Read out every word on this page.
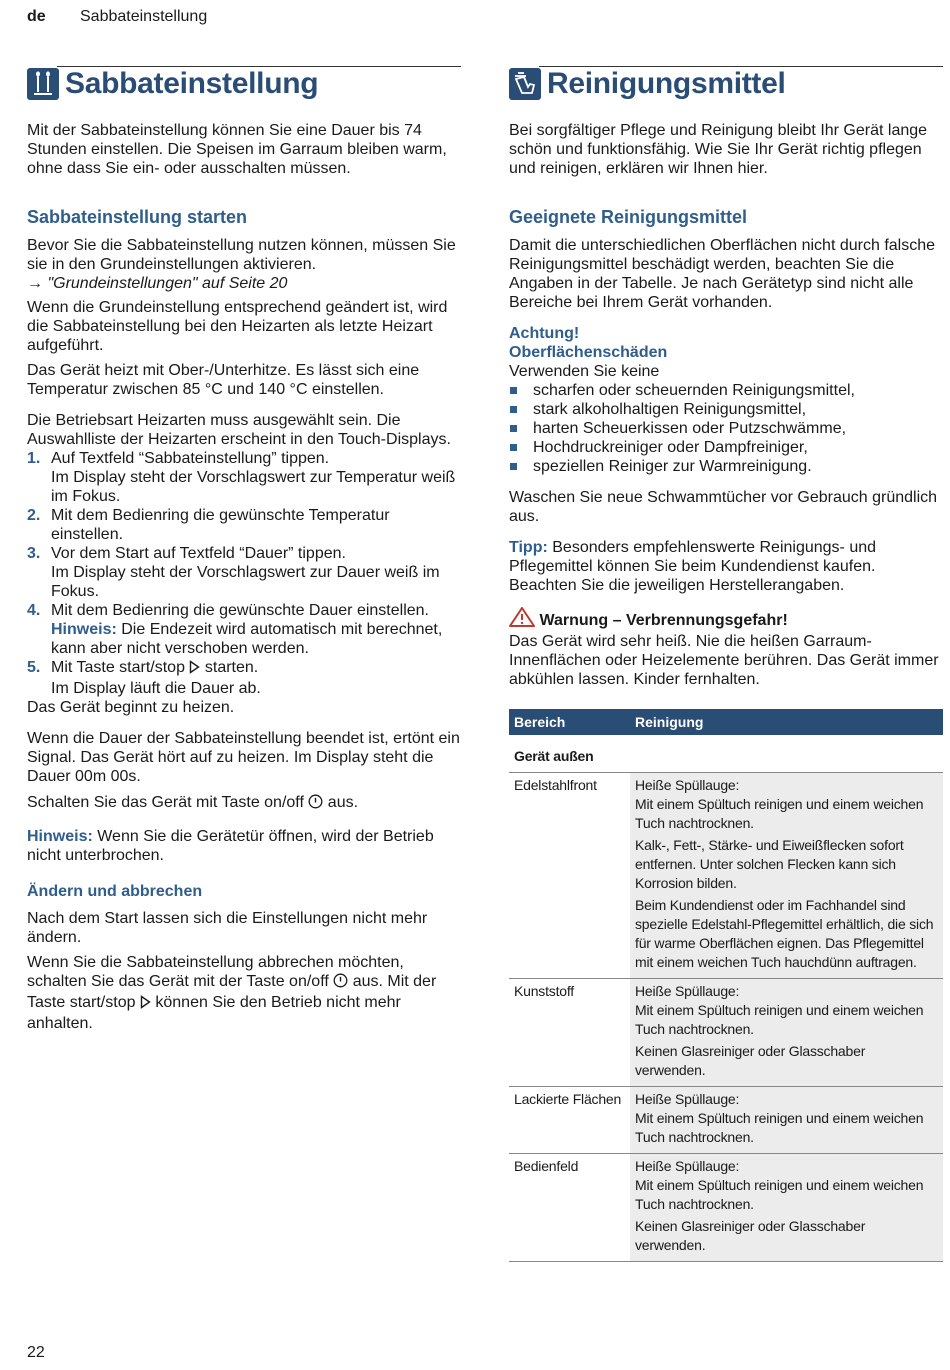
de Sabbateinstellung
Sabbateinstellung

Mit der Sabbateinstellung können Sie eine Dauer bis 74 Stunden einstellen. Die Speisen im Garraum bleiben warm, ohne dass Sie ein- oder ausschalten müssen.

Sabbateinstellung starten

Bevor Sie die Sabbateinstellung nutzen können, müssen Sie sie in den Grundeinstellungen aktivieren.

→ "Grundeinstellungen" auf Seite 20

Wenn die Grundeinstellung entsprechend geändert ist, wird die Sabbateinstellung bei den Heizarten als letzte Heizart aufgeführt.

Das Gerät heizt mit Ober-/Unterhitze. Es lässt sich eine Temperatur zwischen 85 °C und 140 °C einstellen.

Die Betriebsart Heizarten muss ausgewählt sein. Die Auswahlliste der Heizarten erscheint in den Touch-Displays.

1. Auf Textfeld “Sabbateinstellung” tippen.
Im Display steht der Vorschlagswert zur Temperatur weiß im Fokus.
2. Mit dem Bedienring die gewünschte Temperatur einstellen.
3. Vor dem Start auf Textfeld “Dauer” tippen.
Im Display steht der Vorschlagswert zur Dauer weiß im Fokus.
4. Mit dem Bedienring die gewünschte Dauer einstellen.
Hinweis: Die Endezeit wird automatisch mit berechnet, kann aber nicht verschoben werden.
5. Mit Taste start/stop  starten.
Im Display läuft die Dauer ab.

Das Gerät beginnt zu heizen.

Wenn die Dauer der Sabbateinstellung beendet ist, ertönt ein Signal. Das Gerät hört auf zu heizen. Im Display steht die Dauer 00m 00s.

Schalten Sie das Gerät mit Taste on/off  aus.

Hinweis: Wenn Sie die Gerätetür öffnen, wird der Betrieb nicht unterbrochen.

Ändern und abbrechen

Nach dem Start lassen sich die Einstellungen nicht mehr ändern.

Wenn Sie die Sabbateinstellung abbrechen möchten, schalten Sie das Gerät mit der Taste on/off  aus. Mit der Taste start/stop  können Sie den Betrieb nicht mehr anhalten.

Reinigungsmittel

Bei sorgfältiger Pflege und Reinigung bleibt Ihr Gerät lange schön und funktionsfähig. Wie Sie Ihr Gerät richtig pflegen und reinigen, erklären wir Ihnen hier.

Geeignete Reinigungsmittel

Damit die unterschiedlichen Oberflächen nicht durch falsche Reinigungsmittel beschädigt werden, beachten Sie die Angaben in der Tabelle. Je nach Gerätetyp sind nicht alle Bereiche bei Ihrem Gerät vorhanden.

Achtung!

Oberflächenschäden

Verwenden Sie keine

scharfen oder scheuernden Reinigungsmittel,
stark alkoholhaltigen Reinigungsmittel,
harten Scheuerkissen oder Putzschwämme,
Hochdruckreiniger oder Dampfreiniger,
speziellen Reiniger zur Warmreinigung.

Waschen Sie neue Schwammtücher vor Gebrauch gründlich aus.

Tipp: Besonders empfehlenswerte Reinigungs- und Pflegemittel können Sie beim Kundendienst kaufen. Beachten Sie die jeweiligen Herstellerangaben.

Warnung – Verbrennungsgefahr!

Das Gerät wird sehr heiß. Nie die heißen Garraum-Innenflächen oder Heizelemente berühren. Das Gerät immer abkühlen lassen. Kinder fernhalten.

Bereich	Reinigung
Gerät außen	
Edelstahlfront	Heiße Spüllauge:
Mit einem Spültuch reinigen und einem weichen Tuch nachtrocknen.

Kalk-, Fett-, Stärke- und Eiweißflecken sofort entfernen. Unter solchen Flecken kann sich Korrosion bilden.

Beim Kundendienst oder im Fachhandel sind spezielle Edelstahl-Pflegemittel erhältlich, die sich für warme Oberflächen eignen. Das Pflegemittel mit einem weichen Tuch hauchdünn auftragen.

Kunststoff	Heiße Spüllauge:
Mit einem Spültuch reinigen und einem weichen Tuch nachtrocknen.

Keinen Glasreiniger oder Glasschaber verwenden.

Lackierte Flächen	Heiße Spüllauge:
Mit einem Spültuch reinigen und einem weichen Tuch nachtrocknen.

Bedienfeld	Heiße Spüllauge:
Mit einem Spültuch reinigen und einem weichen Tuch nachtrocknen.

Keinen Glasreiniger oder Glasschaber verwenden.

22
